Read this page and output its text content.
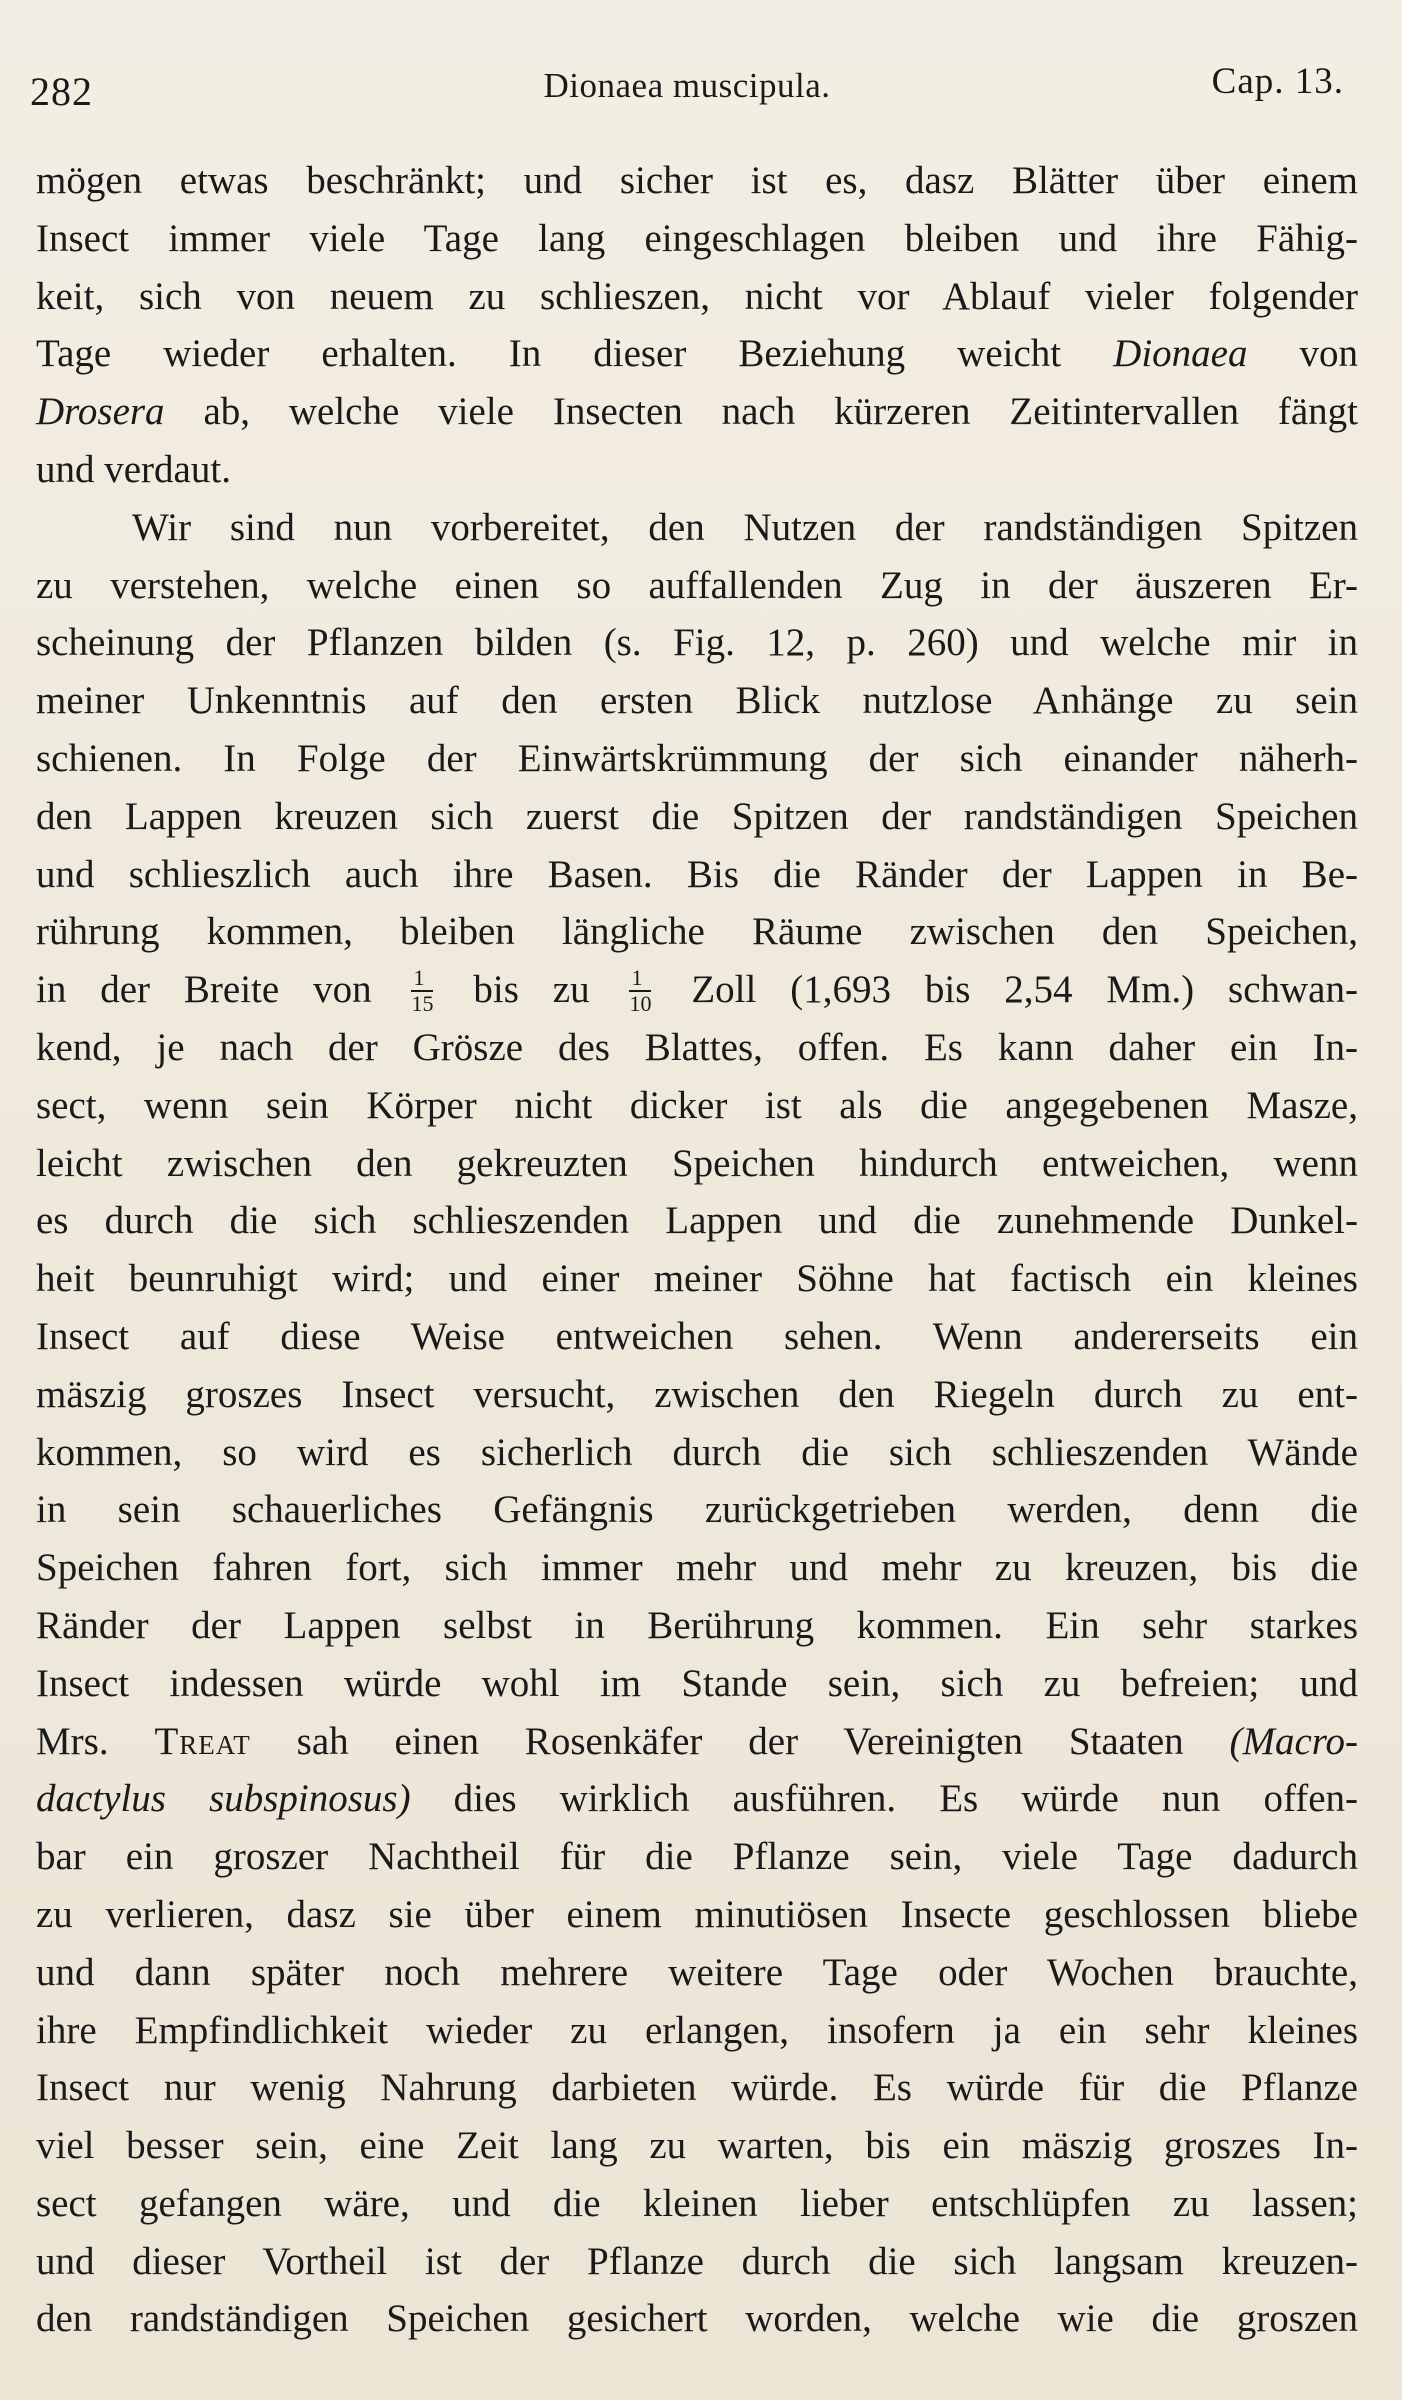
282	Dionaea muscipula.	Cap. 13.
mögen etwas beschränkt; und sicher ist es, dasz Blätter über einem
Insect immer viele Tage lang eingeschlagen bleiben und ihre Fähig-
keit, sich von neuem zu schlieszen, nicht vor Ablauf vieler folgender
Tage wieder erhalten. In dieser Beziehung weicht Dionaea von
Drosera ab, welche viele Insecten nach kürzeren Zeitintervallen fängt
und verdaut.
Wir sind nun vorbereitet, den Nutzen der randständigen Spitzen
zu verstehen, welche einen so auffallenden Zug in der äuszeren Er-
scheinung der Pflanzen bilden (s. Fig. 12, p. 260) und welche mir in
meiner Unkenntnis auf den ersten Blick nutzlose Anhänge zu sein
schienen. In Folge der Einwärtskrümmung der sich einander näherh-
den Lappen kreuzen sich zuerst die Spitzen der randständigen Speichen
und schlieszlich auch ihre Basen. Bis die Ränder der Lappen in Be-
rührung kommen, bleiben längliche Räume zwischen den Speichen,
in der Breite von $\frac{1}{15}$ bis zu $\frac{1}{10}$ Zoll (1,693 bis 2,54 Mm.) schwan-
kend, je nach der Grösze des Blattes, offen. Es kann daher ein In-
sect, wenn sein Körper nicht dicker ist als die angegebenen Masze,
leicht zwischen den gekreuzten Speichen hindurch entweichen, wenn
es durch die sich schlieszenden Lappen und die zunehmende Dunkel-
heit beunruhigt wird; und einer meiner Söhne hat factisch ein kleines
Insect auf diese Weise entweichen sehen. Wenn andererseits ein
mäszig groszes Insect versucht, zwischen den Riegeln durch zu ent-
kommen, so wird es sicherlich durch die sich schlieszenden Wände
in sein schauerliches Gefängnis zurückgetrieben werden, denn die
Speichen fahren fort, sich immer mehr und mehr zu kreuzen, bis die
Ränder der Lappen selbst in Berührung kommen. Ein sehr starkes
Insect indessen würde wohl im Stande sein, sich zu befreien; und
Mrs. Treat sah einen Rosenkäfer der Vereinigten Staaten (Macro-
dactylus subspinosus) dies wirklich ausführen. Es würde nun offen-
bar ein groszer Nachtheil für die Pflanze sein, viele Tage dadurch
zu verlieren, dasz sie über einem minutiösen Insecte geschlossen bliebe
und dann später noch mehrere weitere Tage oder Wochen brauchte,
ihre Empfindlichkeit wieder zu erlangen, insofern ja ein sehr kleines
Insect nur wenig Nahrung darbieten würde. Es würde für die Pflanze
viel besser sein, eine Zeit lang zu warten, bis ein mäszig groszes In-
sect gefangen wäre, und die kleinen lieber entschlüpfen zu lassen;
und dieser Vortheil ist der Pflanze durch die sich langsam kreuzen-
den randständigen Speichen gesichert worden, welche wie die groszen
